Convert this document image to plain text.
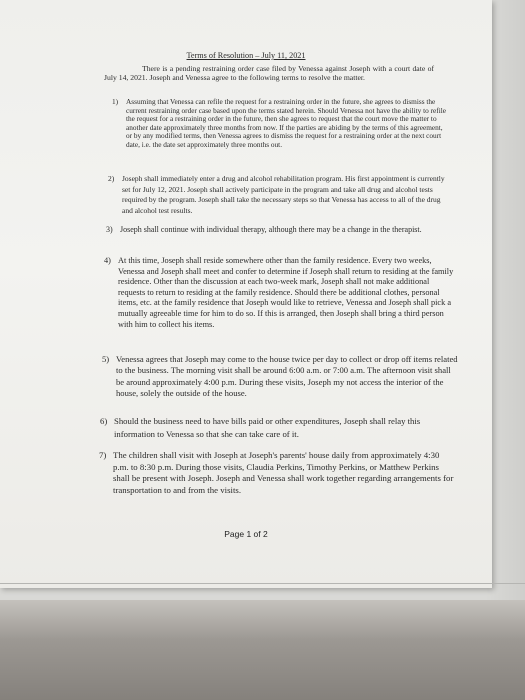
Terms of Resolution – July 11, 2021
There is a pending restraining order case filed by Venessa against Joseph with a court date of July 14, 2021. Joseph and Venessa agree to the following terms to resolve the matter.
1)	Assuming that Venessa can refile the request for a restraining order in the future, she agrees to dismiss the current restraining order case based upon the terms stated herein. Should Venessa not have the ability to refile the request for a restraining order in the future, then she agrees to request that the court move the matter to another date approximately three months from now. If the parties are abiding by the terms of this agreement, or by any modified terms, then Venessa agrees to dismiss the request for a restraining order at the next court date, i.e. the date set approximately three months out.
2)	Joseph shall immediately enter a drug and alcohol rehabilitation program. His first appointment is currently set for July 12, 2021. Joseph shall actively participate in the program and take all drug and alcohol tests required by the program. Joseph shall take the necessary steps so that Venessa has access to all of the drug and alcohol test results.
3) Joseph shall continue with individual therapy, although there may be a change in the therapist.
4) At this time, Joseph shall reside somewhere other than the family residence. Every two weeks, Venessa and Joseph shall meet and confer to determine if Joseph shall return to residing at the family residence. Other than the discussion at each two-week mark, Joseph shall not make additional requests to return to residing at the family residence. Should there be additional clothes, personal items, etc. at the family residence that Joseph would like to retrieve, Venessa and Joseph shall pick a mutually agreeable time for him to do so. If this is arranged, then Joseph shall bring a third person with him to collect his items.
5) Venessa agrees that Joseph may come to the house twice per day to collect or drop off items related to the business. The morning visit shall be around 6:00 a.m. or 7:00 a.m. The afternoon visit shall be around approximately 4:00 p.m. During these visits, Joseph my not access the interior of the house, solely the outside of the house.
6) Should the business need to have bills paid or other expenditures, Joseph shall relay this information to Venessa so that she can take care of it.
7) The children shall visit with Joseph at Joseph's parents' house daily from approximately 4:30 p.m. to 8:30 p.m. During those visits, Claudia Perkins, Timothy Perkins, or Matthew Perkins shall be present with Joseph. Joseph and Venessa shall work together regarding arrangements for transportation to and from the visits.
Page 1 of 2
